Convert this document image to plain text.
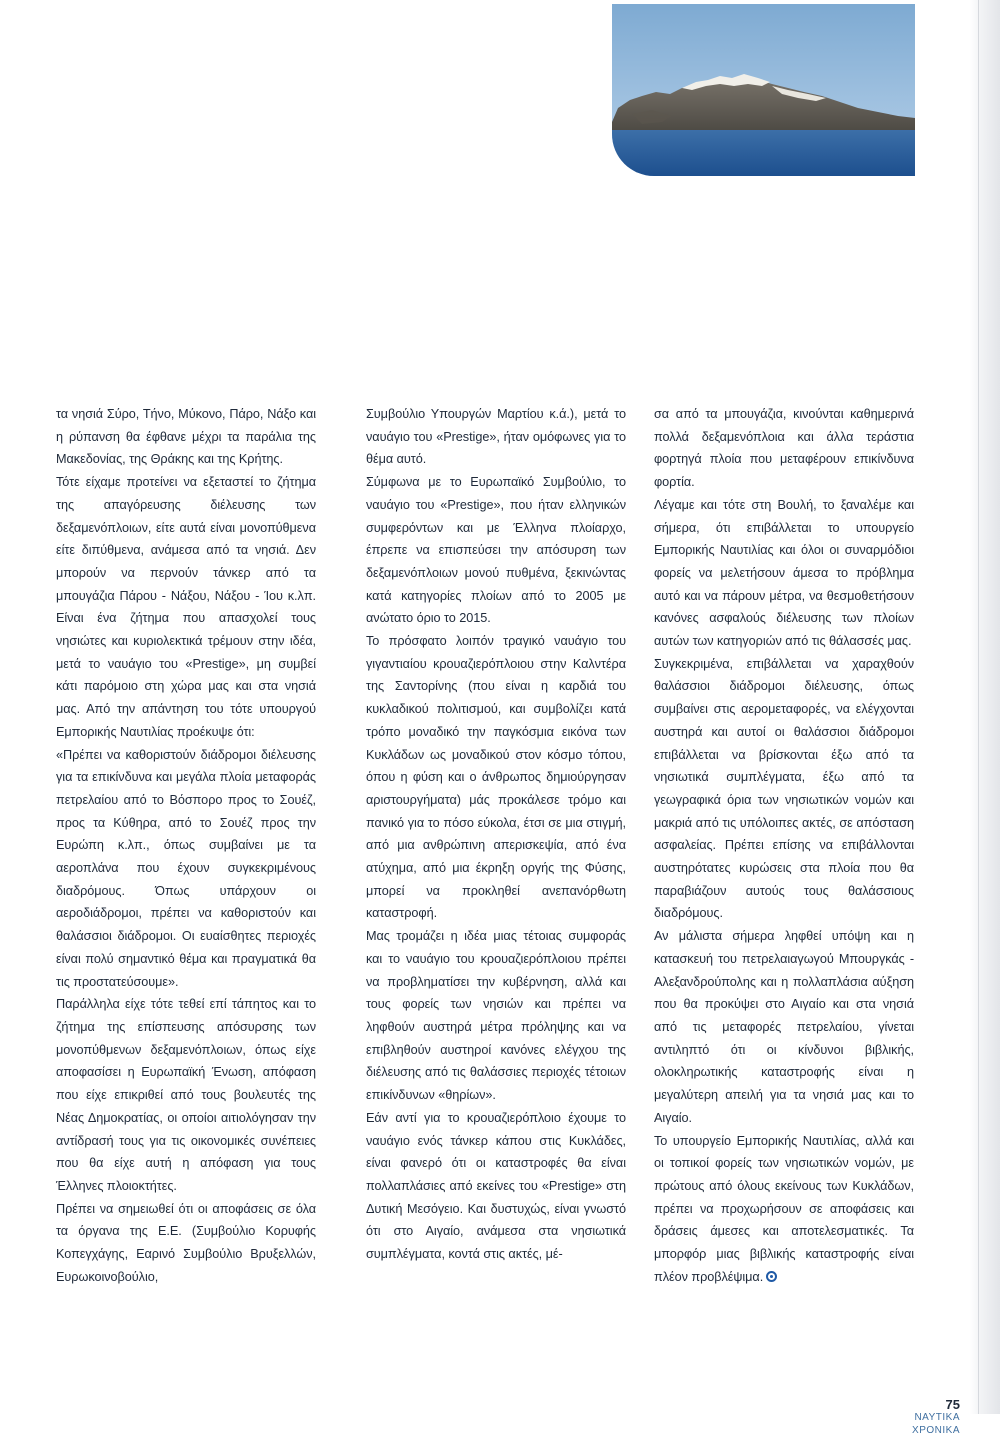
τα νησιά Σύρο, Τήνο, Μύκονο, Πάρο, Νάξο και η ρύπανση θα έφθανε μέχρι τα παράλια της Μακεδονίας, της Θράκης και της Κρήτης.

Τότε είχαμε προτείνει να εξεταστεί το ζήτημα της απαγόρευσης διέλευσης των δεξαμενόπλοιων, είτε αυτά είναι μονοπύθμενα είτε διπύθμενα, ανάμεσα από τα νησιά. Δεν μπορούν να περνούν τάνκερ από τα μπουγάζια Πάρου - Νάξου, Νάξου - Ίου κ.λπ. Είναι ένα ζήτημα που απασχολεί τους νησιώτες και κυριολεκτικά τρέμουν στην ιδέα, μετά το ναυάγιο του «Prestige», μη συμβεί κάτι παρόμοιο στη χώρα μας και στα νησιά μας. Από την απάντηση του τότε υπουργού Εμπορικής Ναυτιλίας προέκυψε ότι:

«Πρέπει να καθοριστούν διάδρομοι διέλευσης για τα επικίνδυνα και μεγάλα πλοία μεταφοράς πετρελαίου από το Βόσπορο προς το Σουέζ, προς τα Κύθηρα, από το Σουέζ προς την Ευρώπη κ.λπ., όπως συμβαίνει με τα αεροπλάνα που έχουν συγκεκριμένους διαδρόμους. Όπως υπάρχουν οι αεροδιάδρομοι, πρέπει να καθοριστούν και θαλάσσιοι διάδρομοι. Οι ευαίσθητες περιοχές είναι πολύ σημαντικό θέμα και πραγματικά θα τις προστατεύσουμε».

Παράλληλα είχε τότε τεθεί επί τάπητος και το ζήτημα της επίσπευσης απόσυρσης των μονοπύθμενων δεξαμενόπλοιων, όπως είχε αποφασίσει η Ευρωπαϊκή Ένωση, απόφαση που είχε επικριθεί από τους βουλευτές της Νέας Δημοκρατίας, οι οποίοι αιτιολόγησαν την αντίδρασή τους για τις οικονομικές συνέπειες που θα είχε αυτή η απόφαση για τους Έλληνες πλοιοκτήτες.

Πρέπει να σημειωθεί ότι οι αποφάσεις σε όλα τα όργανα της Ε.Ε. (Συμβούλιο Κορυφής Κοπεγχάγης, Εαρινό Συμβούλιο Βρυξελλών, Ευρωκοινοβούλιο,

Συμβούλιο Υπουργών Μαρτίου κ.ά.), μετά το ναυάγιο του «Prestige», ήταν ομόφωνες για το θέμα αυτό.

Σύμφωνα με το Ευρωπαϊκό Συμβούλιο, το ναυάγιο του «Prestige», που ήταν ελληνικών συμφερόντων και με Έλληνα πλοίαρχο, έπρεπε να επισπεύσει την απόσυρση των δεξαμενόπλοιων μονού πυθμένα, ξεκινώντας κατά κατηγορίες πλοίων από το 2005 με ανώτατο όριο το 2015.

Το πρόσφατο λοιπόν τραγικό ναυάγιο του γιγαντιαίου κρουαζιερόπλοιου στην Καλντέρα της Σαντορίνης (που είναι η καρδιά του κυκλαδικού πολιτισμού, και συμβολίζει κατά τρόπο μοναδικό την παγκόσμια εικόνα των Κυκλάδων ως μοναδικού στον κόσμο τόπου, όπου η φύση και ο άνθρωπος δημιούργησαν αριστουργήματα) μάς προκάλεσε τρόμο και πανικό για το πόσο εύκολα, έτσι σε μια στιγμή, από μια ανθρώπινη απερισκεψία, από ένα ατύχημα, από μια έκρηξη οργής της Φύσης, μπορεί να προκληθεί ανεπανόρθωτη καταστροφή.

Μας τρομάζει η ιδέα μιας τέτοιας συμφοράς και το ναυάγιο του κρουαζιερόπλοιου πρέπει να προβληματίσει την κυβέρνηση, αλλά και τους φορείς των νησιών και πρέπει να ληφθούν αυστηρά μέτρα πρόληψης και να επιβληθούν αυστηροί κανόνες ελέγχου της διέλευσης από τις θαλάσσιες περιοχές τέτοιων επικίνδυνων «θηρίων».

Εάν αντί για το κρουαζιερόπλοιο έχουμε το ναυάγιο ενός τάνκερ κάπου στις Κυκλάδες, είναι φανερό ότι οι καταστροφές θα είναι πολλαπλάσιες από εκείνες του «Prestige» στη Δυτική Μεσόγειο. Και δυστυχώς, είναι γνωστό ότι στο Αιγαίο, ανάμεσα στα νησιωτικά συμπλέγματα, κοντά στις ακτές, μέ-

σα από τα μπουγάζια, κινούνται καθημερινά πολλά δεξαμενόπλοια και άλλα τεράστια φορτηγά πλοία που μεταφέρουν επικίνδυνα φορτία.

Λέγαμε και τότε στη Βουλή, το ξαναλέμε και σήμερα, ότι επιβάλλεται το υπουργείο Εμπορικής Ναυτιλίας και όλοι οι συναρμόδιοι φορείς να μελετήσουν άμεσα το πρόβλημα αυτό και να πάρουν μέτρα, να θεσμοθετήσουν κανόνες ασφαλούς διέλευσης των πλοίων αυτών των κατηγοριών από τις θάλασσές μας.

Συγκεκριμένα, επιβάλλεται να χαραχθούν θαλάσσιοι διάδρομοι διέλευσης, όπως συμβαίνει στις αερομεταφορές, να ελέγχονται αυστηρά και αυτοί οι θαλάσσιοι διάδρομοι επιβάλλεται να βρίσκονται έξω από τα νησιωτικά συμπλέγματα, έξω από τα γεωγραφικά όρια των νησιωτικών νομών και μακριά από τις υπόλοιπες ακτές, σε απόσταση ασφαλείας. Πρέπει επίσης να επιβάλλονται αυστηρότατες κυρώσεις στα πλοία που θα παραβιάζουν αυτούς τους θαλάσσιους διαδρόμους.

Αν μάλιστα σήμερα ληφθεί υπόψη και η κατασκευή του πετρελαιαγωγού Μπουργκάς - Αλεξανδρούπολης και η πολλαπλάσια αύξηση που θα προκύψει στο Αιγαίο και στα νησιά από τις μεταφορές πετρελαίου, γίνεται αντιληπτό ότι οι κίνδυνοι βιβλικής, ολοκληρωτικής καταστροφής είναι η μεγαλύτερη απειλή για τα νησιά μας και το Αιγαίο.

Το υπουργείο Εμπορικής Ναυτιλίας, αλλά και οι τοπικοί φορείς των νησιωτικών νομών, με πρώτους από όλους εκείνους των Κυκλάδων, πρέπει να προχωρήσουν σε αποφάσεις και δράσεις άμεσες και αποτελεσματικές. Τα μπορφόρ μιας βιβλικής καταστροφής είναι πλέον προβλέψιμα.

75
ΝΑΥΤΙΚΑ
ΧΡΟΝΙΚΑ
